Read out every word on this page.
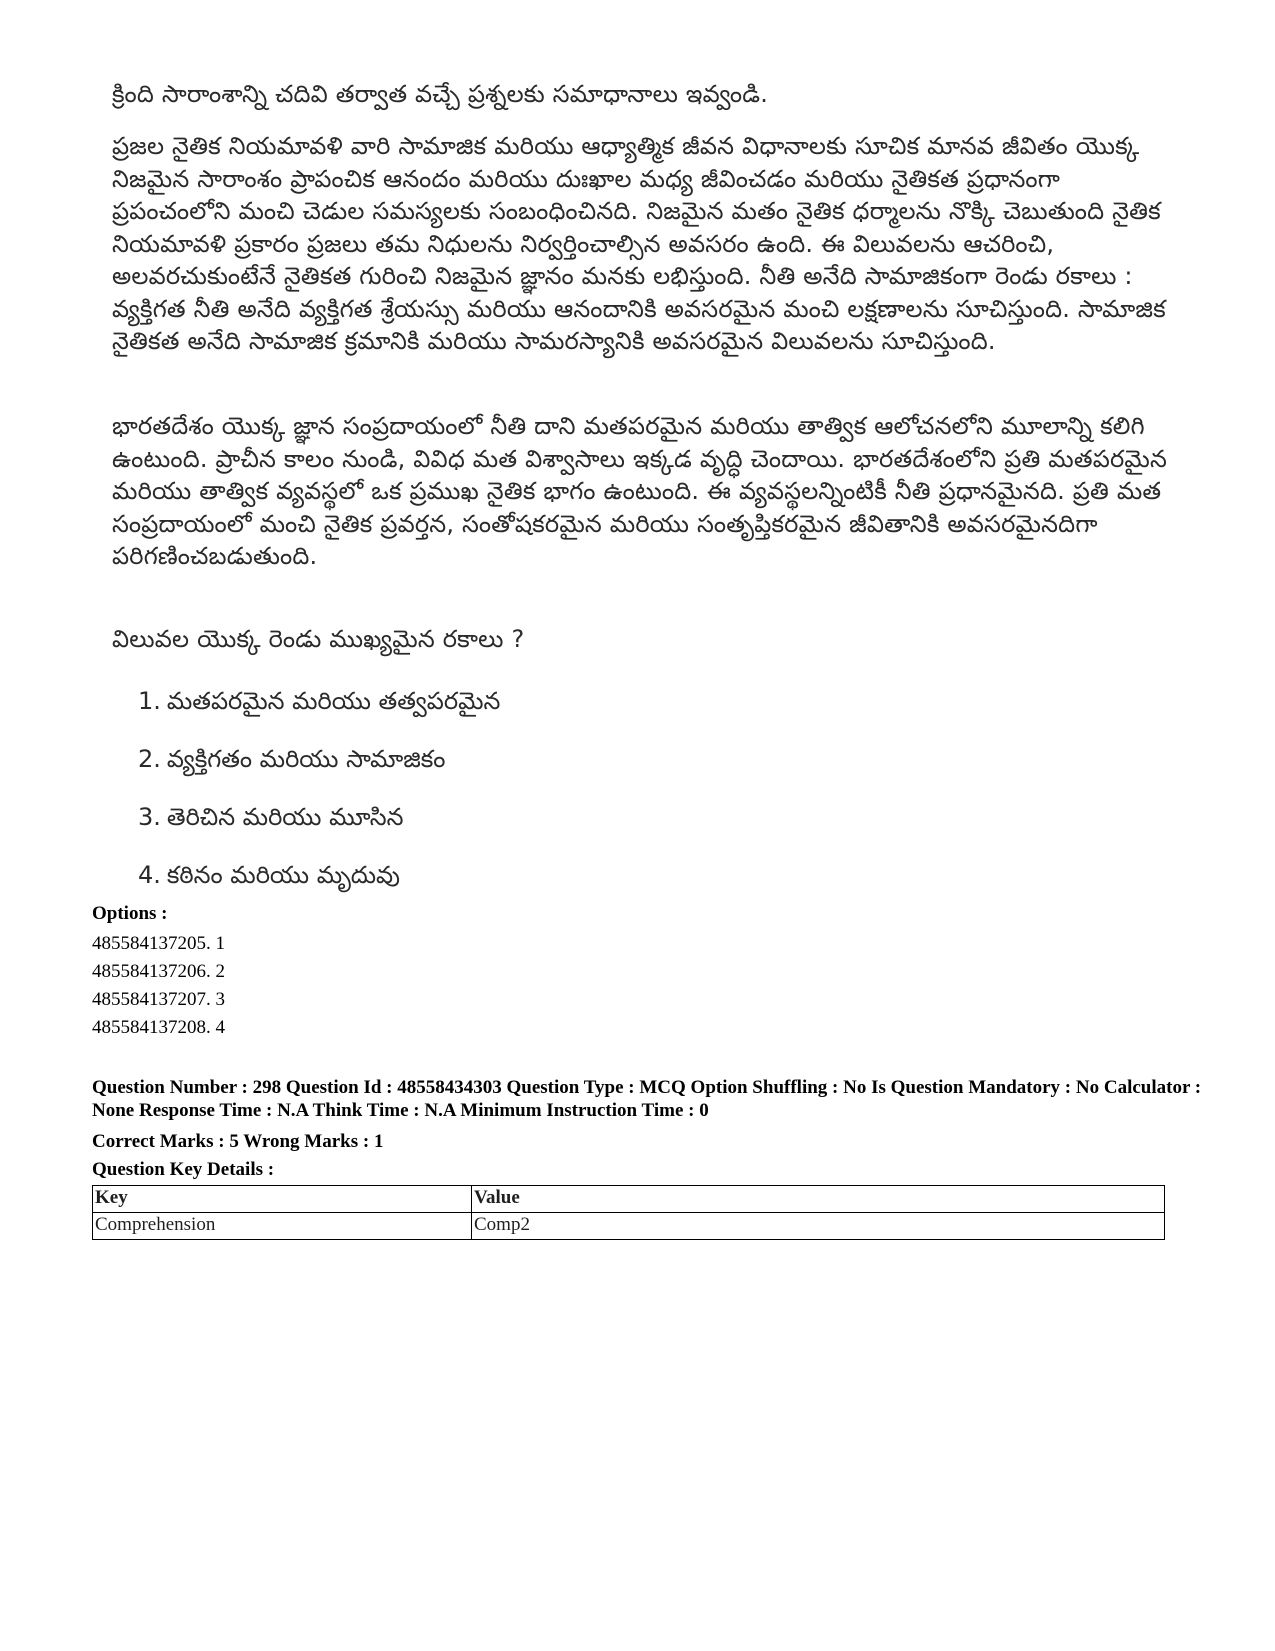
క్రింది సారాంశాన్ని చదివి తర్వాత వచ్చే ప్రశ్నలకు సమాధానాలు ఇవ్వండి.
ప్రజల నైతిక నియమావళి వారి సామాజిక మరియు ఆధ్యాత్మిక జీవన విధానాలకు సూచిక మానవ జీవితం యొక్క నిజమైన సారాంశం ప్రాపంచిక ఆనందం మరియు దుఃఖాల మధ్య జీవించడం మరియు నైతికత ప్రధానంగా ప్రపంచంలోని మంచి చెడుల సమస్యలకు సంబంధించినది. నిజమైన మతం నైతిక ధర్మాలను నొక్కి చెబుతుంది నైతిక నియమావళి ప్రకారం ప్రజలు తమ నిధులను నిర్వర్తించాల్సిన అవసరం ఉంది. ఈ విలువలను ఆచరించి, అలవరచుకుంటేనే నైతికత గురించి నిజమైన జ్ఞానం మనకు లభిస్తుంది. నీతి అనేది సామాజికంగా రెండు రకాలు : వ్యక్తిగత నీతి అనేది వ్యక్తిగత శ్రేయస్సు మరియు ఆనందానికి అవసరమైన మంచి లక్షణాలను సూచిస్తుంది. సామాజిక నైతికత అనేది సామాజిక క్రమానికి మరియు సామరస్యానికి అవసరమైన విలువలను సూచిస్తుంది.
భారతదేశం యొక్క జ్ఞాన సంప్రదాయంలో నీతి దాని మతపరమైన మరియు తాత్విక ఆలోచనలోని మూలాన్ని కలిగి ఉంటుంది. ప్రాచీన కాలం నుండి, వివిధ మత విశ్వాసాలు ఇక్కడ వృద్ధి చెందాయి. భారతదేశంలోని ప్రతి మతపరమైన మరియు తాత్విక వ్యవస్థలో ఒక ప్రముఖ నైతిక భాగం ఉంటుంది. ఈ వ్యవస్థలన్నింటికీ నీతి ప్రధానమైనది. ప్రతి మత సంప్రదాయంలో మంచి నైతిక ప్రవర్తన, సంతోషకరమైన మరియు సంతృప్తికరమైన జీవితానికి అవసరమైనదిగా పరిగణించబడుతుంది.
విలువల యొక్క రెండు ముఖ్యమైన రకాలు ?
1. మతపరమైన మరియు తత్వపరమైన
2. వ్యక్తిగతం మరియు సామాజికం
3. తెరిచిన మరియు మూసిన
4. కఠినం మరియు మృదువు
Options :
485584137205. 1
485584137206. 2
485584137207. 3
485584137208. 4
Question Number : 298 Question Id : 48558434303 Question Type : MCQ Option Shuffling : No Is Question Mandatory : No Calculator : None Response Time : N.A Think Time : N.A Minimum Instruction Time : 0
Correct Marks : 5 Wrong Marks : 1
Question Key Details :
Key	Value
Comprehension	Comp2
